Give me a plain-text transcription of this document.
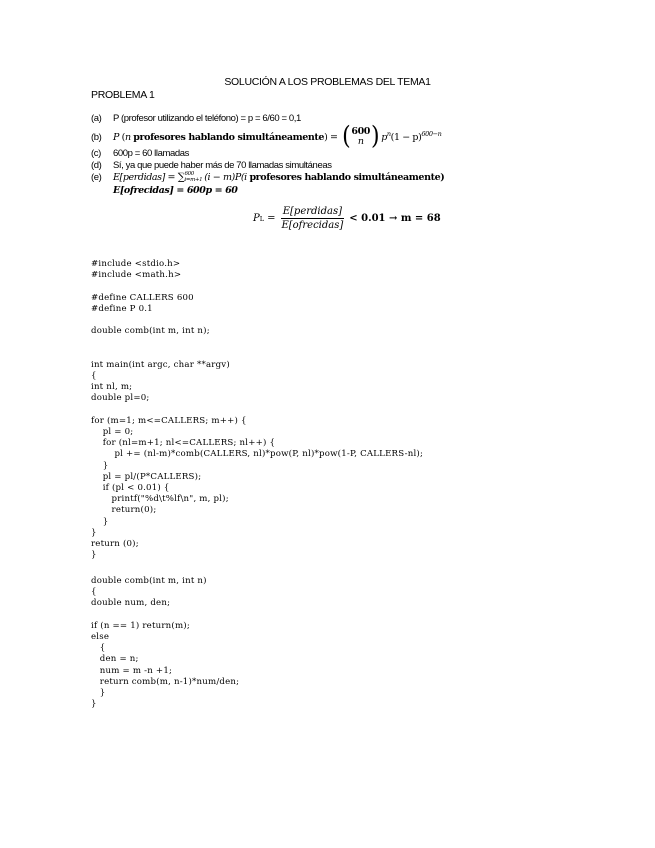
SOLUCIÓN A LOS PROBLEMAS DEL TEMA1
PROBLEMA 1
(a) P (profesor utilizando el teléfono) = p = 6/60 = 0,1
(b) P (n profesores hablando simultáneamente) = ( 600
n ) $p^n(1 - p)^{600-n}$
(c) 600p = 60 llamadas
(d) Sí, ya que puede haber más de 70 llamadas simultáneas
(e) E[perdidas] = ∑ 600
i=m+1 (i − m)P(i profesores hablando simultáneamente)
E[ofrecidas] = 600p = 60
P $L = \frac{\text{E[perdidas]}}{\text{E[ofrecidas]}} < 0.01 \to m = 68$
#include <stdio.h>
#include <math.h>

#define CALLERS 600
#define P 0.1

double comb(int m, int n);

int main(int argc, char **argv)
{
int nl, m;
double pl=0;

for (m=1; m<=CALLERS; m++) {
pl = 0;
for (nl=m+1; nl<=CALLERS; nl++) {
pl += (nl-m)*comb(CALLERS, nl)*pow(P, nl)*pow(1-P, CALLERS-nl);
}
pl = pl/(P*CALLERS);
if (pl < 0.01) {
printf("%d\t%lf\n", m, pl);
return(0);
}
}
return (0);
}
double comb(int m, int n)
{
double num, den;

if (n == 1) return(m);
else
{
den = n;
num = m -n +1;
return comb(m, n-1)*num/den;
}
}
